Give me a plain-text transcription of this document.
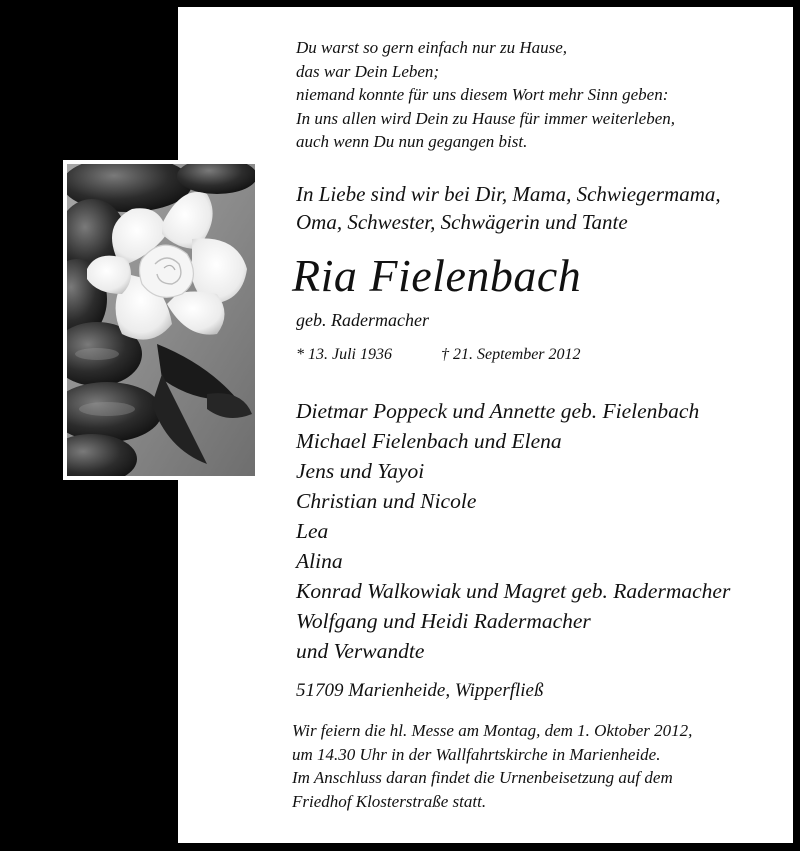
Du warst so gern einfach nur zu Hause,
das war Dein Leben;
niemand konnte für uns diesem Wort mehr Sinn geben:
In uns allen wird Dein zu Hause für immer weiterleben,
auch wenn Du nun gegangen bist.
In Liebe sind wir bei Dir, Mama, Schwiegermama,
Oma, Schwester, Schwägerin und Tante
Ria Fielenbach
geb. Radermacher
* 13. Juli 1936	† 21. September 2012
Dietmar Poppeck und Annette geb. Fielenbach
Michael Fielenbach und Elena
Jens und Yayoi
Christian und Nicole
Lea
Alina
Konrad Walkowiak und Magret geb. Radermacher
Wolfgang und Heidi Radermacher
und Verwandte
51709 Marienheide, Wipperfließ
Wir feiern die hl. Messe am Montag, dem 1. Oktober 2012,
um 14.30 Uhr in der Wallfahrtskirche in Marienheide.
Im Anschluss daran findet die Urnenbeisetzung auf dem
Friedhof Klosterstraße statt.
